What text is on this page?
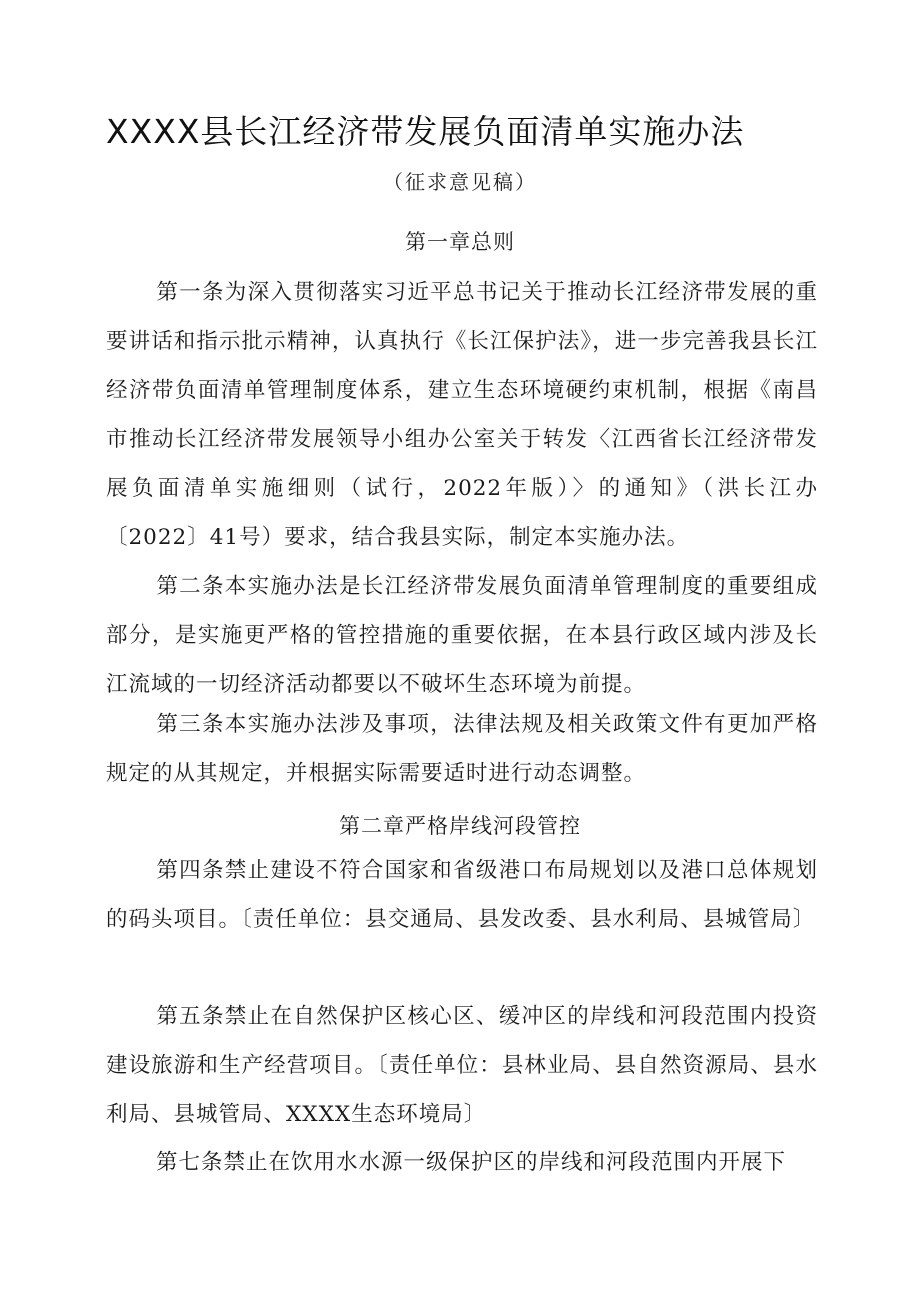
XXXX县长江经济带发展负面清单实施办法
（征求意见稿）
第一章总则
第一条为深入贯彻落实习近平总书记关于推动长江经济带发展的重要讲话和指示批示精神，认真执行《长江保护法》，进一步完善我县长江经济带负面清单管理制度体系，建立生态环境硬约束机制，根据《南昌市推动长江经济带发展领导小组办公室关于转发〈江西省长江经济带发展负面清单实施细则（试行，2022年版）〉的通知》（洪长江办〔2022〕41号）要求，结合我县实际，制定本实施办法。
第二条本实施办法是长江经济带发展负面清单管理制度的重要组成部分，是实施更严格的管控措施的重要依据，在本县行政区域内涉及长江流域的一切经济活动都要以不破坏生态环境为前提。
第三条本实施办法涉及事项，法律法规及相关政策文件有更加严格规定的从其规定，并根据实际需要适时进行动态调整。
第二章严格岸线河段管控
第四条禁止建设不符合国家和省级港口布局规划以及港口总体规划的码头项目。〔责任单位：县交通局、县发改委、县水利局、县城管局〕
第五条禁止在自然保护区核心区、缓冲区的岸线和河段范围内投资建设旅游和生产经营项目。〔责任单位：县林业局、县自然资源局、县水利局、县城管局、XXXX生态环境局〕
第七条禁止在饮用水水源一级保护区的岸线和河段范围内开展下
